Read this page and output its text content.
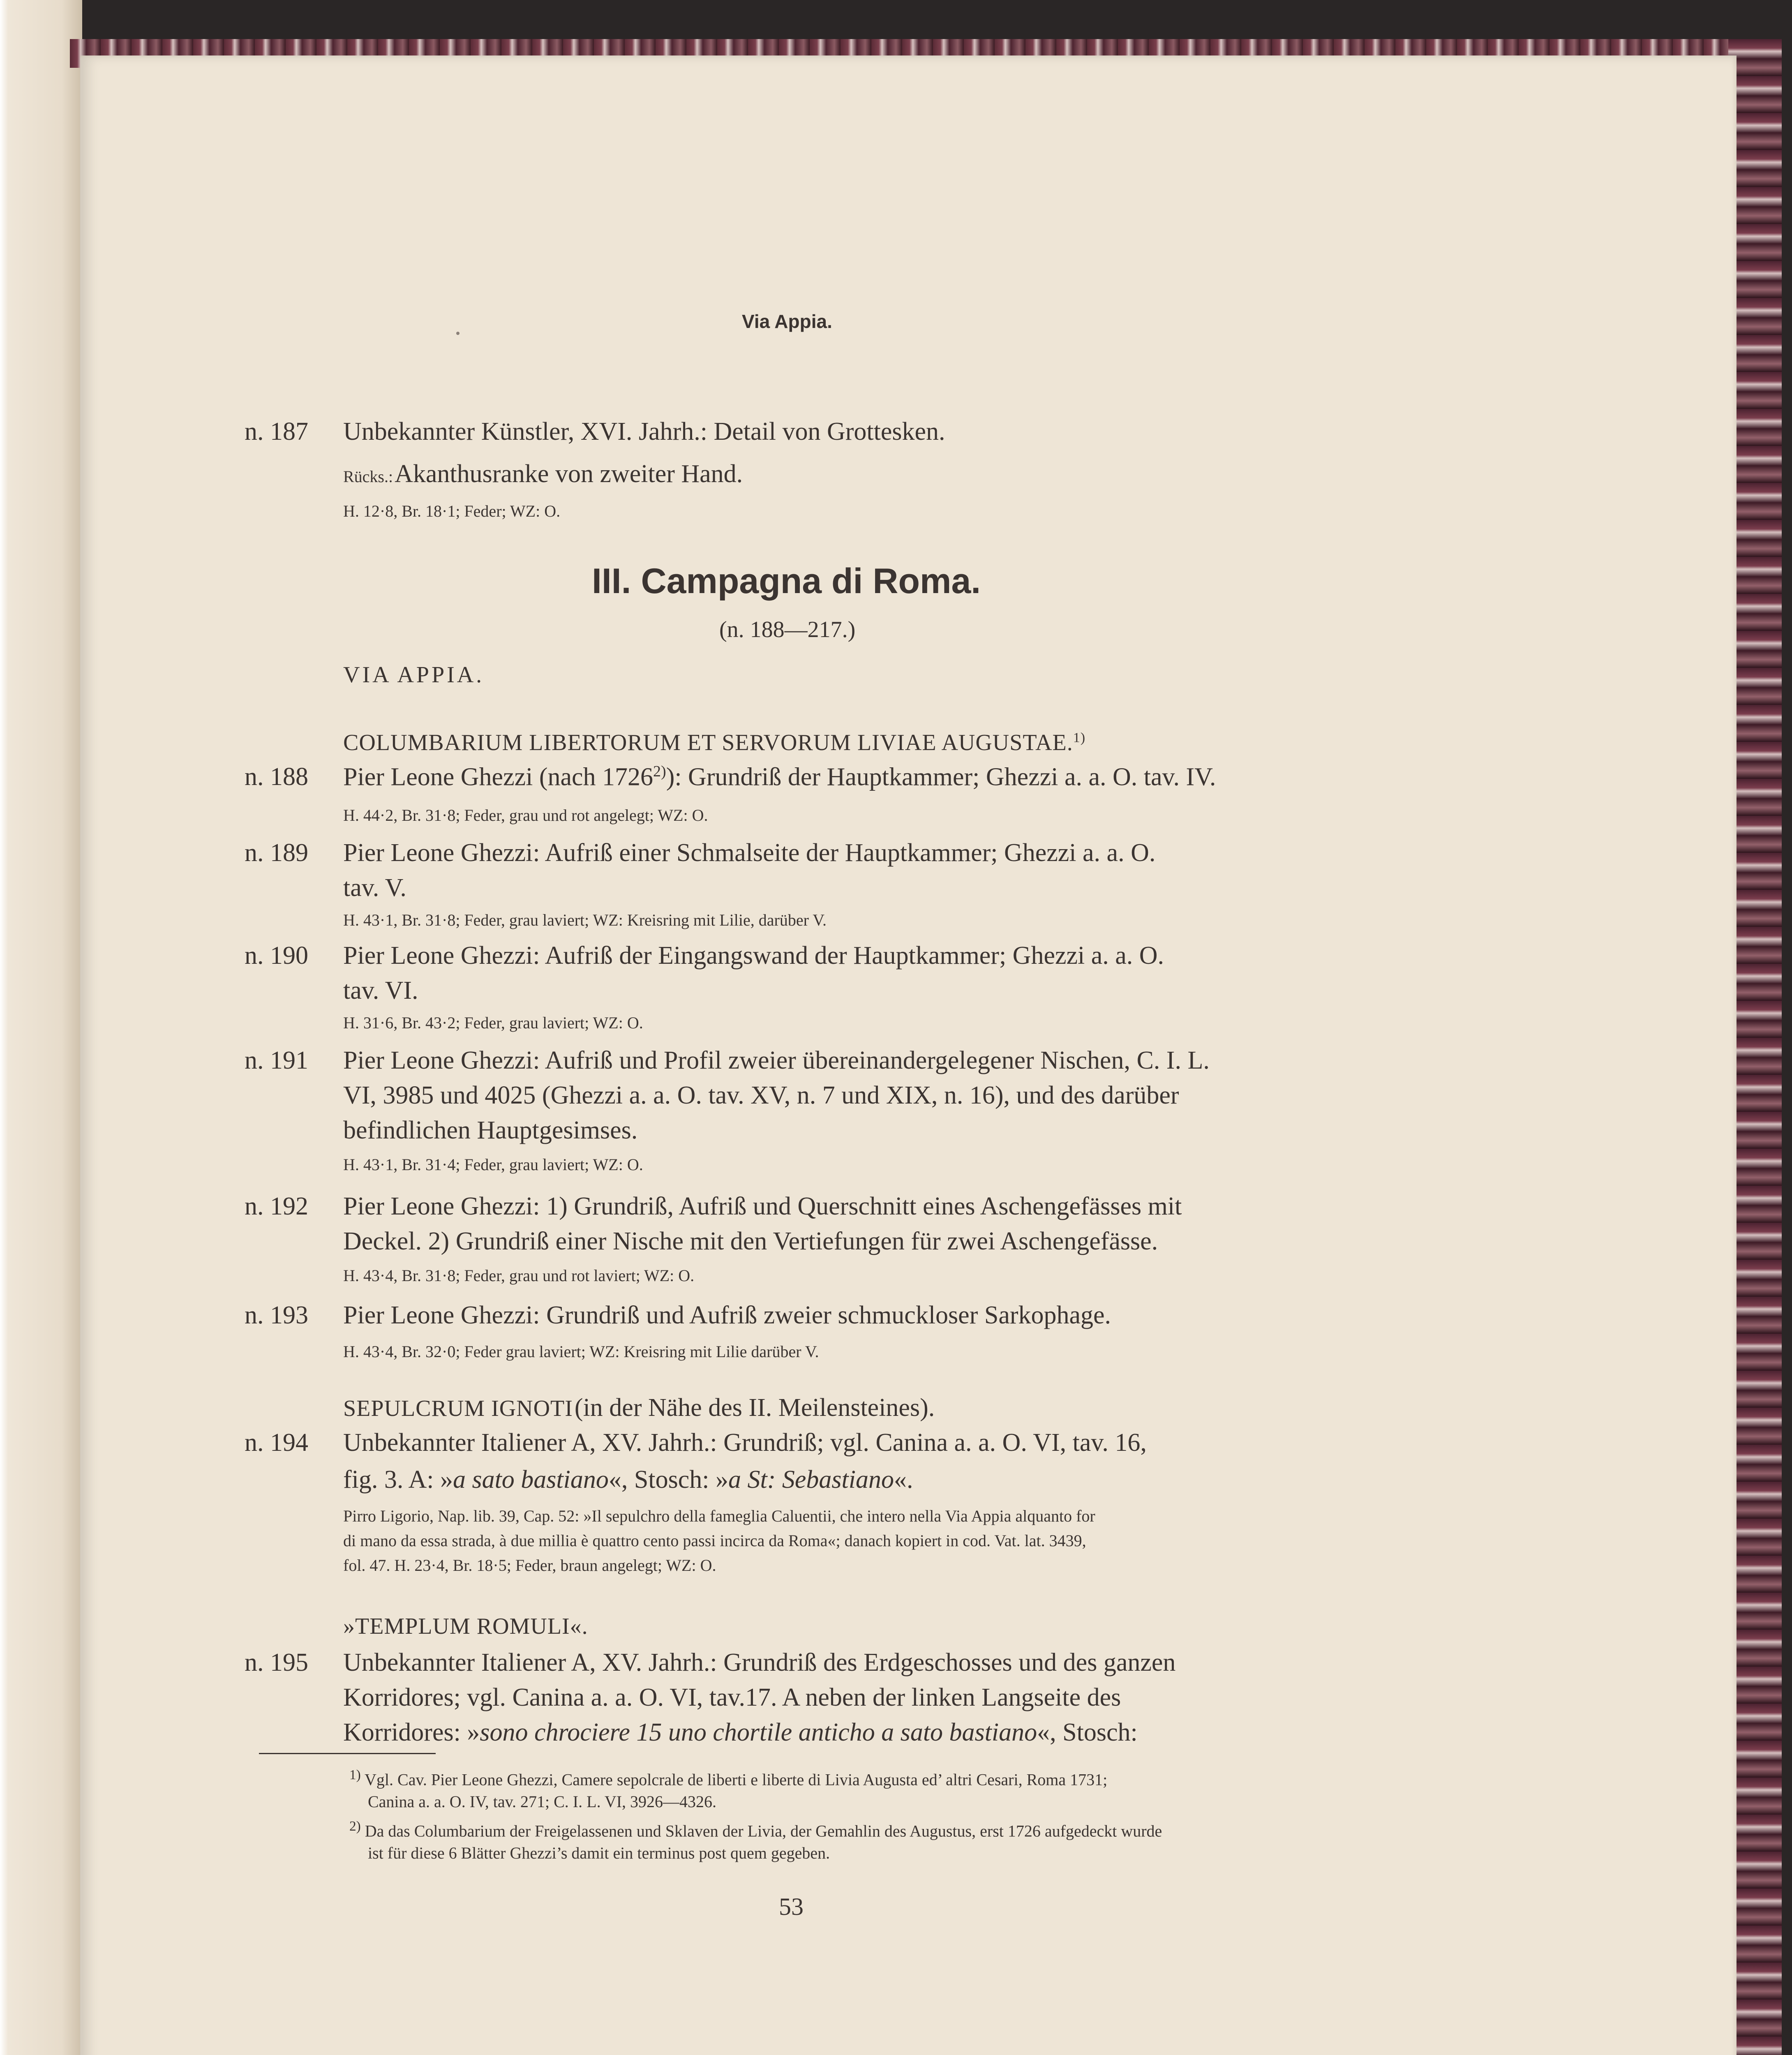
Via Appia.
n. 187 Unbekannter Künstler, XVI. Jahrh.: Detail von Grottesken.
Rücks.: Akanthusranke von zweiter Hand.
H. 12·8, Br. 18·1; Feder; WZ: O.
III. Campagna di Roma.
(n. 188—217.)
VIA APPIA.
COLUMBARIUM LIBERTORUM ET SERVORUM LIVIAE AUGUSTAE.$^{1)}$
n. 188 Pier Leone Ghezzi (nach 1726$^{2)}$): Grundriß der Hauptkammer; Ghezzi a. a. O. tav. IV.
H. 44·2, Br. 31·8; Feder, grau und rot angelegt; WZ: O.
n. 189 Pier Leone Ghezzi: Aufriß einer Schmalseite der Hauptkammer; Ghezzi a. a. O.
tav. V.
H. 43·1, Br. 31·8; Feder, grau laviert; WZ: Kreisring mit Lilie, darüber V.
n. 190 Pier Leone Ghezzi: Aufriß der Eingangswand der Hauptkammer; Ghezzi a. a. O.
tav. VI.
H. 31·6, Br. 43·2; Feder, grau laviert; WZ: O.
n. 191 Pier Leone Ghezzi: Aufriß und Profil zweier übereinandergelegener Nischen, C. I. L.
VI, 3985 und 4025 (Ghezzi a. a. O. tav. XV, n. 7 und XIX, n. 16), und des darüber
befindlichen Hauptgesimses.
H. 43·1, Br. 31·4; Feder, grau laviert; WZ: O.
n. 192 Pier Leone Ghezzi: 1) Grundriß, Aufriß und Querschnitt eines Aschengefässes mit
Deckel. 2) Grundriß einer Nische mit den Vertiefungen für zwei Aschengefässe.
H. 43·4, Br. 31·8; Feder, grau und rot laviert; WZ: O.
n. 193 Pier Leone Ghezzi: Grundriß und Aufriß zweier schmuckloser Sarkophage.
H. 43·4, Br. 32·0; Feder grau laviert; WZ: Kreisring mit Lilie darüber V.
SEPULCRUM IGNOTI (in der Nähe des II. Meilensteines).
n. 194 Unbekannter Italiener A, XV. Jahrh.: Grundriß; vgl. Canina a. a. O. VI, tav. 16,
fig. 3. A: »a sato bastiano«, Stosch: »a St: Sebastiano«.
Pirro Ligorio, Nap. lib. 39, Cap. 52: »Il sepulchro della fameglia Caluentii, che intero nella Via Appia alquanto for
di mano da essa strada, à due millia è quattro cento passi incirca da Roma«; danach kopiert in cod. Vat. lat. 3439,
fol. 47. H. 23·4, Br. 18·5; Feder, braun angelegt; WZ: O.
»TEMPLUM ROMULI«.
n. 195 Unbekannter Italiener A, XV. Jahrh.: Grundriß des Erdgeschosses und des ganzen
Korridores; vgl. Canina a. a. O. VI, tav.17. A neben der linken Langseite des
Korridores: »sono chrociere 15 uno chortile anticho a sato bastiano«, Stosch:
$^{1)}$ Vgl. Cav. Pier Leone Ghezzi, Camere sepolcrale de liberti e liberte di Livia Augusta ed’ altri Cesari, Roma 1731;
Canina a. a. O. IV, tav. 271; C. I. L. VI, 3926—4326.
$^{2)}$ Da das Columbarium der Freigelassenen und Sklaven der Livia, der Gemahlin des Augustus, erst 1726 aufgedeckt wurde
ist für diese 6 Blätter Ghezzi’s damit ein terminus post quem gegeben.
53
